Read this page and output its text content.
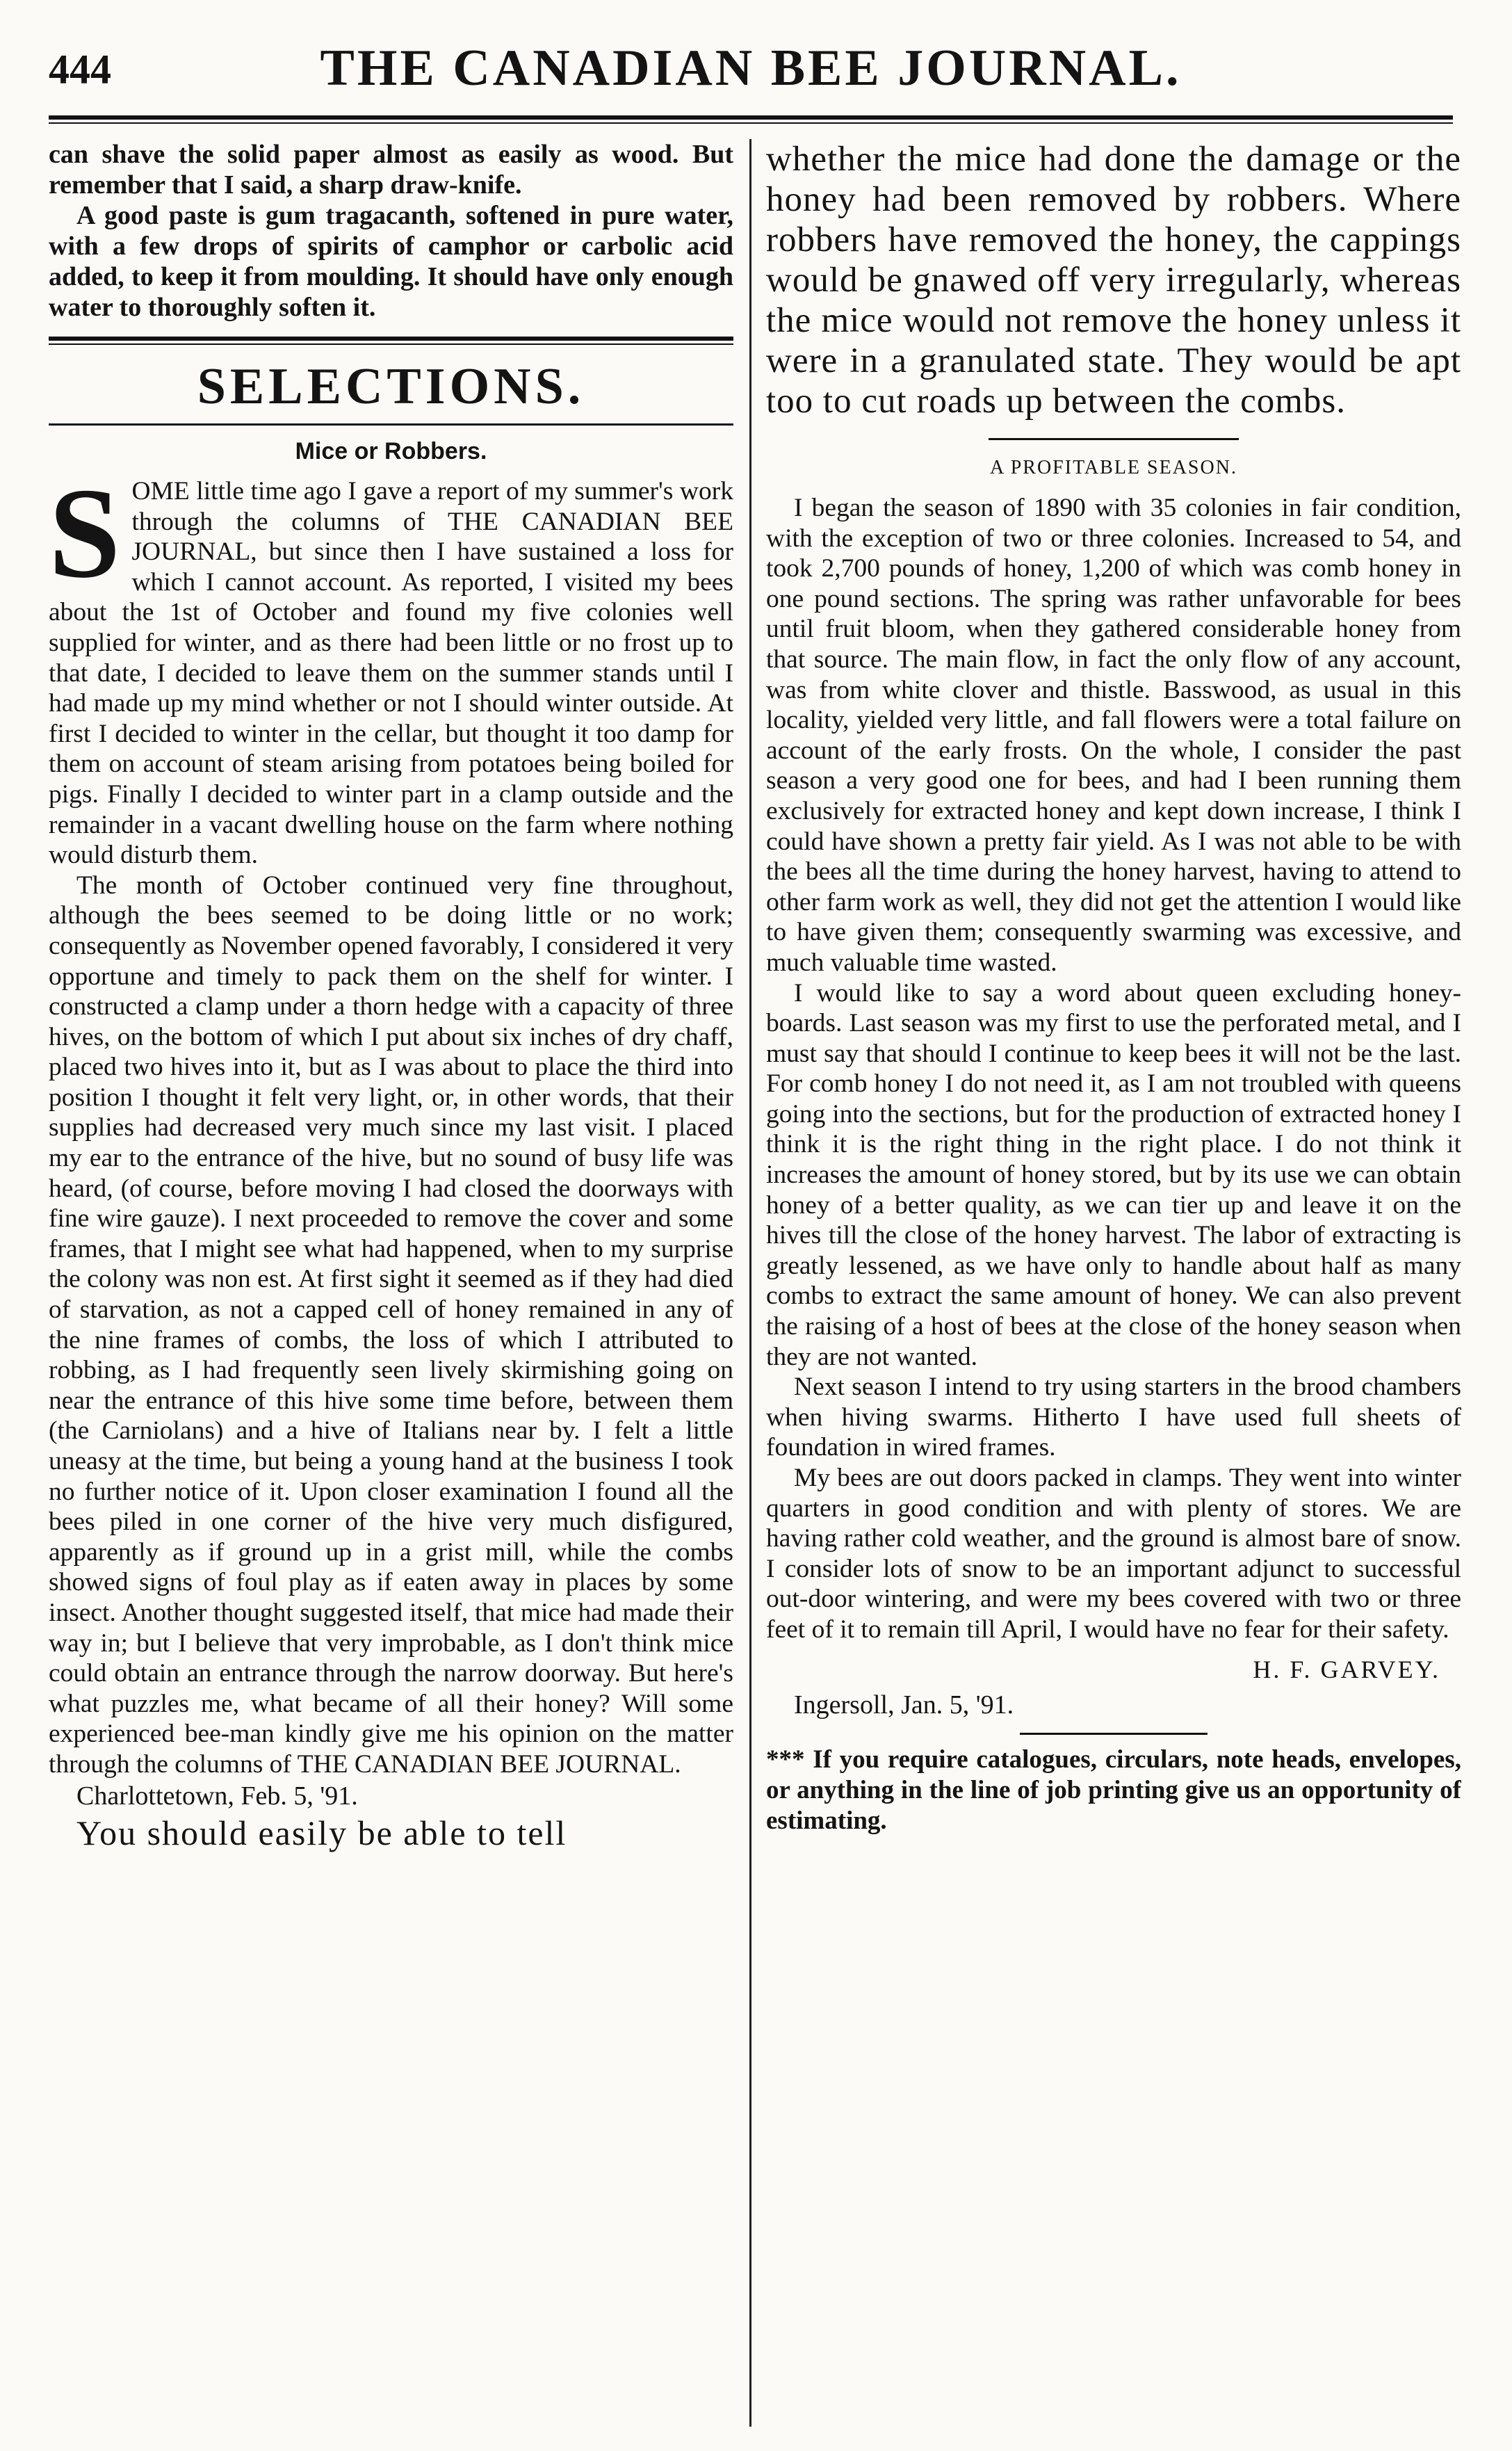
444	THE CANADIAN BEE JOURNAL.

can shave the solid paper almost as easily as wood. But remember that I said, a sharp draw-knife.

A good paste is gum tragacanth, softened in pure water, with a few drops of spirits of camphor or carbolic acid added, to keep it from moulding. It should have only enough water to thoroughly soften it.

SELECTIONS.
Mice or Robbers.

SOME little time ago I gave a report of my summer's work through the columns of THE CANADIAN BEE JOURNAL, but since then I have sustained a loss for which I cannot account. As reported, I visited my bees about the 1st of October and found my five colonies well supplied for winter, and as there had been little or no frost up to that date, I decided to leave them on the summer stands until I had made up my mind whether or not I should winter outside. At first I decided to winter in the cellar, but thought it too damp for them on account of steam arising from potatoes being boiled for pigs. Finally I decided to winter part in a clamp outside and the remainder in a vacant dwelling house on the farm where nothing would disturb them.

The month of October continued very fine throughout, although the bees seemed to be doing little or no work; consequently as November opened favorably, I considered it very opportune and timely to pack them on the shelf for winter. I constructed a clamp under a thorn hedge with a capacity of three hives, on the bottom of which I put about six inches of dry chaff, placed two hives into it, but as I was about to place the third into position I thought it felt very light, or, in other words, that their supplies had decreased very much since my last visit. I placed my ear to the entrance of the hive, but no sound of busy life was heard, (of course, before moving I had closed the doorways with fine wire gauze). I next proceeded to remove the cover and some frames, that I might see what had happened, when to my surprise the colony was non est. At first sight it seemed as if they had died of starvation, as not a capped cell of honey remained in any of the nine frames of combs, the loss of which I attributed to robbing, as I had frequently seen lively skirmishing going on near the entrance of this hive some time before, between them (the Carniolans) and a hive of Italians near by. I felt a little uneasy at the time, but being a young hand at the business I took no further notice of it. Upon closer examination I found all the bees piled in one corner of the hive very much disfigured, apparently as if ground up in a grist mill, while the combs showed signs of foul play as if eaten away in places by some insect. Another thought suggested itself, that mice had made their way in; but I believe that very improbable, as I don't think mice could obtain an entrance through the narrow doorway. But here's what puzzles me, what became of all their honey? Will some experienced bee-man kindly give me his opinion on the matter through the columns of THE CANADIAN BEE JOURNAL.

Charlottetown, Feb. 5, '91.

You should easily be able to tell

whether the mice had done the damage or the honey had been removed by robbers. Where robbers have removed the honey, the cappings would be gnawed off very irregularly, whereas the mice would not remove the honey unless it were in a granulated state. They would be apt too to cut roads up between the combs.

A PROFITABLE SEASON.

I began the season of 1890 with 35 colonies in fair condition, with the exception of two or three colonies. Increased to 54, and took 2,700 pounds of honey, 1,200 of which was comb honey in one pound sections. The spring was rather unfavorable for bees until fruit bloom, when they gathered considerable honey from that source. The main flow, in fact the only flow of any account, was from white clover and thistle. Basswood, as usual in this locality, yielded very little, and fall flowers were a total failure on account of the early frosts. On the whole, I consider the past season a very good one for bees, and had I been running them exclusively for extracted honey and kept down increase, I think I could have shown a pretty fair yield. As I was not able to be with the bees all the time during the honey harvest, having to attend to other farm work as well, they did not get the attention I would like to have given them; consequently swarming was excessive, and much valuable time wasted.

I would like to say a word about queen excluding honey-boards. Last season was my first to use the perforated metal, and I must say that should I continue to keep bees it will not be the last. For comb honey I do not need it, as I am not troubled with queens going into the sections, but for the production of extracted honey I think it is the right thing in the right place. I do not think it increases the amount of honey stored, but by its use we can obtain honey of a better quality, as we can tier up and leave it on the hives till the close of the honey harvest. The labor of extracting is greatly lessened, as we have only to handle about half as many combs to extract the same amount of honey. We can also prevent the raising of a host of bees at the close of the honey season when they are not wanted.

Next season I intend to try using starters in the brood chambers when hiving swarms. Hitherto I have used full sheets of foundation in wired frames.

My bees are out doors packed in clamps. They went into winter quarters in good condition and with plenty of stores. We are having rather cold weather, and the ground is almost bare of snow. I consider lots of snow to be an important adjunct to successful out-door wintering, and were my bees covered with two or three feet of it to remain till April, I would have no fear for their safety.

H. F. GARVEY.
Ingersoll, Jan. 5, '91.

*** If you require catalogues, circulars, note heads, envelopes, or anything in the line of job printing give us an opportunity of estimating.
